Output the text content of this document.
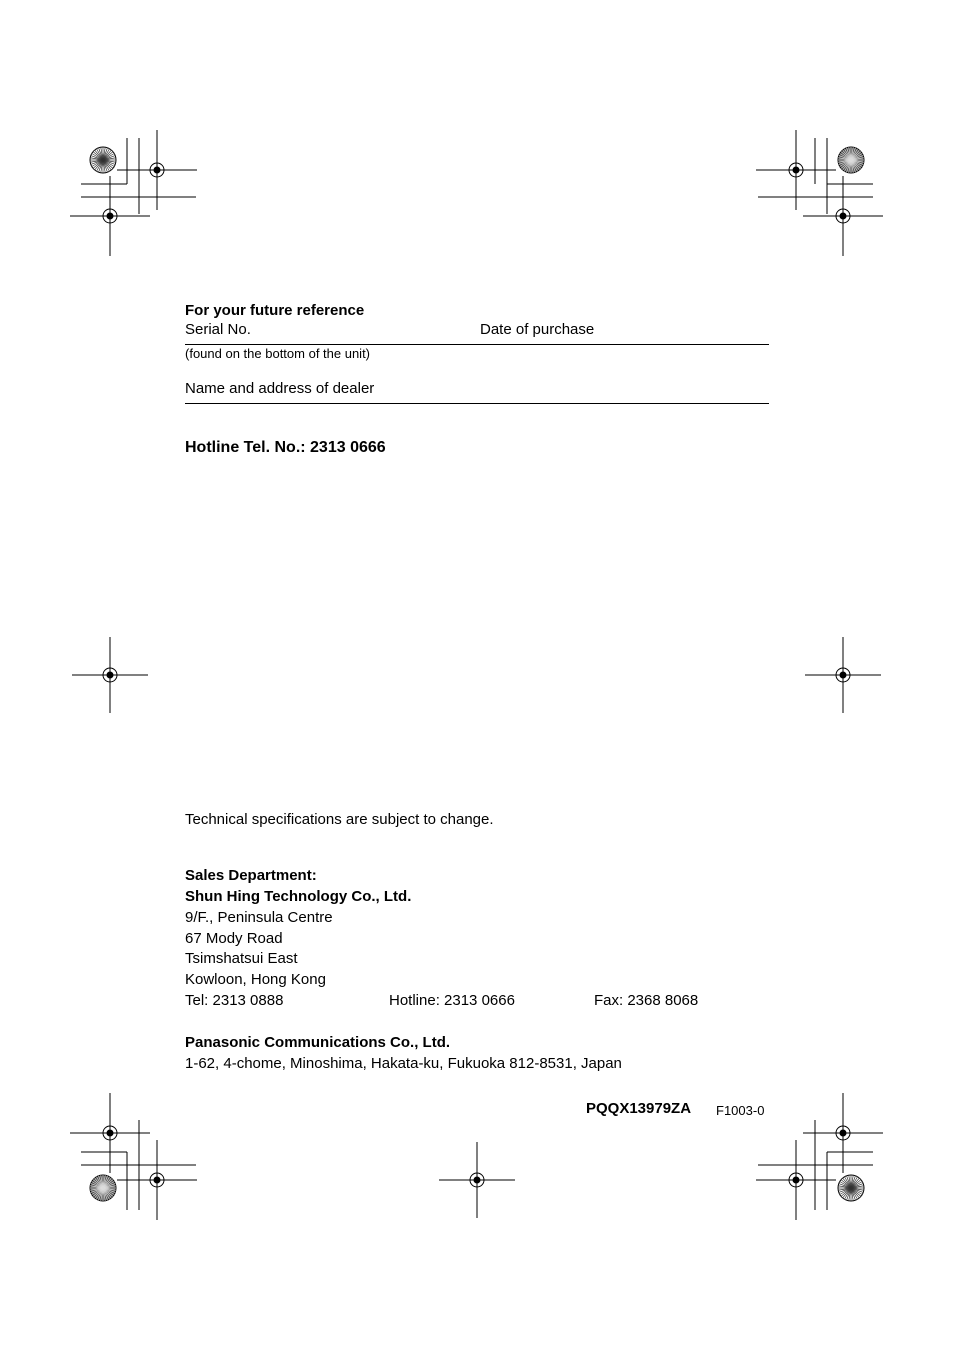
For your future reference
Serial No.	Date of purchase
(found on the bottom of the unit)
Name and address of dealer
Hotline Tel. No.: 2313 0666
Technical specifications are subject to change.
Sales Department:
Shun Hing Technology Co., Ltd.
9/F., Peninsula Centre
67 Mody Road
Tsimshatsui East
Kowloon, Hong Kong
Tel: 2313 0888	Hotline: 2313 0666	Fax: 2368 8068
Panasonic Communications Co., Ltd.
1-62, 4-chome, Minoshima, Hakata-ku, Fukuoka 812-8531, Japan
PQQX13979ZA F1003-0
